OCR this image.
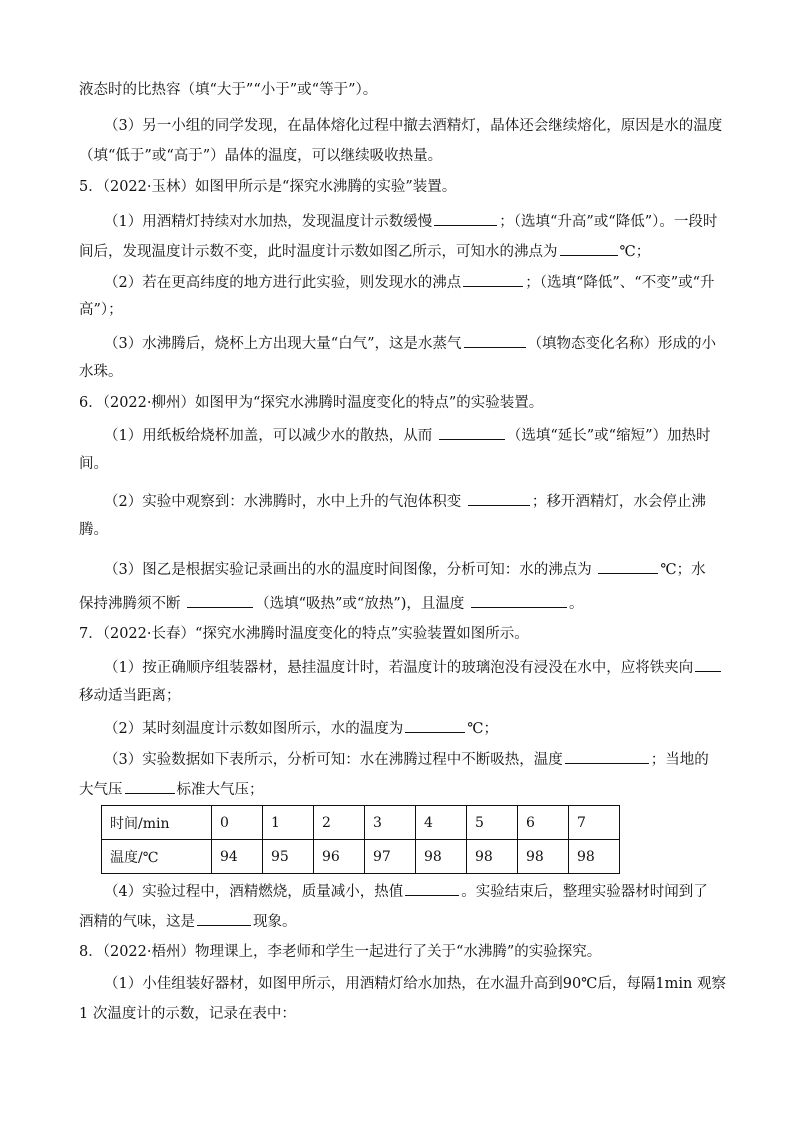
液态时的比热容（填“大于”“小于”或“等于”）。
（3）另一小组的同学发现，在晶体熔化过程中撤去酒精灯，晶体还会继续熔化，原因是水的温度
（填“低于”或“高于”）晶体的温度，可以继续吸收热量。
5．（2022·玉林）如图甲所示是“探究水沸腾的实验”装置。
（1）用酒精灯持续对水加热，发现温度计示数缓慢	；（选填“升高”或“降低”）。一段时
间后，发现温度计示数不变，此时温度计示数如图乙所示，可知水的沸点为	℃；
（2）若在更高纬度的地方进行此实验，则发现水的沸点	；（选填“降低”、“不变”或“升
高”）；
（3）水沸腾后，烧杯上方出现大量“白气”，这是水蒸气	（填物态变化名称）形成的小
水珠。
6．（2022·柳州）如图甲为“探究水沸腾时温度变化的特点”的实验装置。
（1）用纸板给烧杯加盖，可以减少水的散热，从而	（选填“延长”或“缩短”）加热时
间。
（2）实验中观察到：水沸腾时，水中上升的气泡体积变	；移开酒精灯，水会停止沸
腾。
（3）图乙是根据实验记录画出的水的温度时间图像，分析可知：水的沸点为	℃；水
保持沸腾须不断	（选填“吸热”或“放热”)，且温度	。
7．（2022·长春）“探究水沸腾时温度变化的特点”实验装置如图所示。
（1）按正确顺序组装器材，悬挂温度计时，若温度计的玻璃泡没有浸没在水中，应将铁夹向
移动适当距离；
（2）某时刻温度计示数如图所示，水的温度为	℃；
（3）实验数据如下表所示，分析可知：水在沸腾过程中不断吸热，温度	；当地的
大气压	标准大气压；
（4）实验过程中，酒精燃烧，质量减小，热值	。实验结束后，整理实验器材时闻到了
酒精的气味，这是	现象。
8．（2022·梧州）物理课上，李老师和学生一起进行了关于“水沸腾”的实验探究。
（1）小佳组装好器材，如图甲所示，用酒精灯给水加热，在水温升高到90℃后，每隔1min 观察
1 次温度计的示数，记录在表中：
时间/min	0	1	2	3	4	5	6	7
温度/℃	94	95	96	97	98	98	98	98
